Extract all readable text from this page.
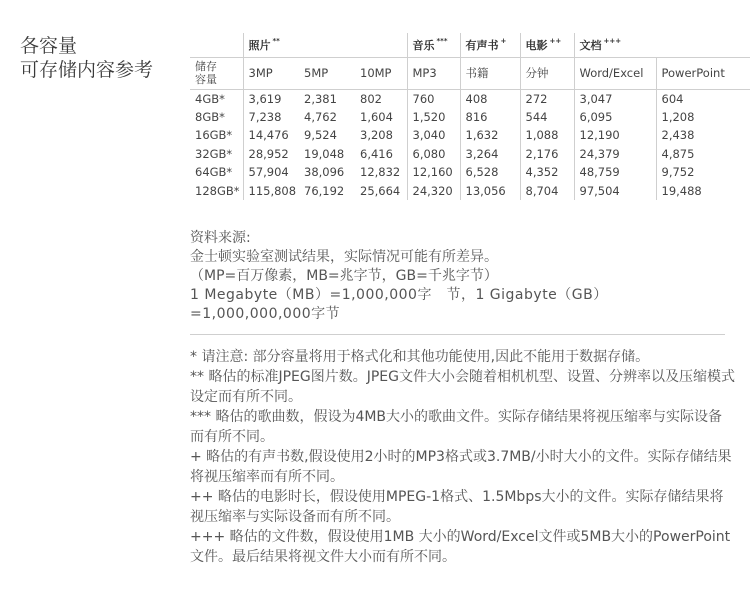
各容量
可存储内容参考
	照片 **			音乐 ***	有声书 +	电影 ++	文档 +++

储存
容量	3MP	5MP	10MP	MP3	书籍	分钟	Word/Excel	PowerPoint
4GB*	3,619	2,381	802	760	408	272	3,047	604
8GB*	7,238	4,762	1,604	1,520	816	544	6,095	1,208
16GB*	14,476	9,524	3,208	3,040	1,632	1,088	12,190	2,438
32GB*	28,952	19,048	6,416	6,080	3,264	2,176	24,379	4,875
64GB*	57,904	38,096	12,832	12,160	6,528	4,352	48,759	9,752
128GB*	115,808	76,192	25,664	24,320	13,056	8,704	97,504	19,488
资料来源:
金士顿实验室测试结果，实际情况可能有所差异。
（MP=百万像素，MB=兆字节，GB=千兆字节）
1 Megabyte（MB）=1,000,000字　节，1 Gigabyte（GB）
=1,000,000,000字节

* 请注意: 部分容量将用于格式化和其他功能使用,因此不能用于数据存储。

** 略估的标准JPEG图片数。JPEG文件大小会随着相机机型、设置、分辨率以及压缩模式设定而有所不同。

*** 略估的歌曲数，假设为4MB大小的歌曲文件。实际存储结果将视压缩率与实际设备而有所不同。

+ 略估的有声书数,假设使用2小时的MP3格式或3.7MB/小时大小的文件。实际存储结果将视压缩率而有所不同。

++ 略估的电影时长，假设使用MPEG-1格式、1.5Mbps大小的文件。实际存储结果将视压缩率与实际设备而有所不同。

+++ 略估的文件数，假设使用1MB 大小的Word/Excel文件或5MB大小的PowerPoint文件。最后结果将视文件大小而有所不同。
